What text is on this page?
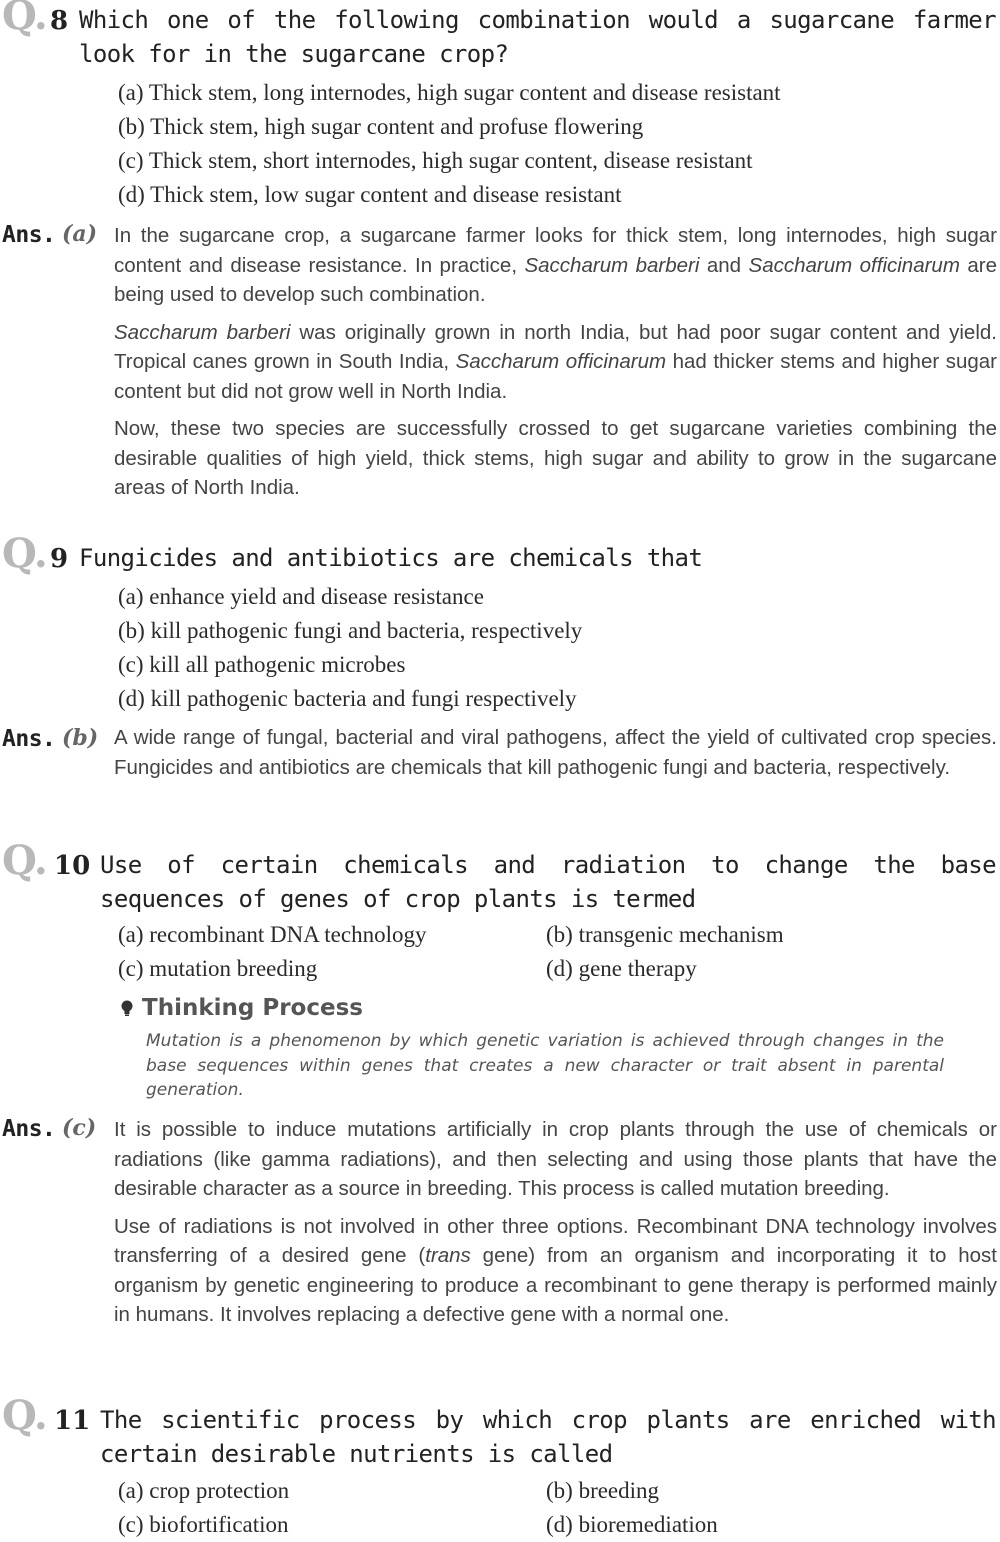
Q. 8 Which one of the following combination would a sugarcane farmer look for in the sugarcane crop?
(a) Thick stem, long internodes, high sugar content and disease resistant
(b) Thick stem, high sugar content and profuse flowering
(c) Thick stem, short internodes, high sugar content, disease resistant
(d) Thick stem, low sugar content and disease resistant
Ans. (a) In the sugarcane crop, a sugarcane farmer looks for thick stem, long internodes, high sugar content and disease resistance. In practice, Saccharum barberi and Saccharum officinarum are being used to develop such combination.

Saccharum barberi was originally grown in north India, but had poor sugar content and yield. Tropical canes grown in South India, Saccharum officinarum had thicker stems and higher sugar content but did not grow well in North India.

Now, these two species are successfully crossed to get sugarcane varieties combining the desirable qualities of high yield, thick stems, high sugar and ability to grow in the sugarcane areas of North India.

Q. 9 Fungicides and antibiotics are chemicals that
(a) enhance yield and disease resistance
(b) kill pathogenic fungi and bacteria, respectively
(c) kill all pathogenic microbes
(d) kill pathogenic bacteria and fungi respectively
Ans. (b) A wide range of fungal, bacterial and viral pathogens, affect the yield of cultivated crop species. Fungicides and antibiotics are chemicals that kill pathogenic fungi and bacteria, respectively.

Q. 10 Use of certain chemicals and radiation to change the base sequences of genes of crop plants is termed
(a) recombinant DNA technology	(b) transgenic mechanism
(c) mutation breeding	(d) gene therapy
Thinking Process
Mutation is a phenomenon by which genetic variation is achieved through changes in the base sequences within genes that creates a new character or trait absent in parental generation.
Ans. (c) It is possible to induce mutations artificially in crop plants through the use of chemicals or radiations (like gamma radiations), and then selecting and using those plants that have the desirable character as a source in breeding. This process is called mutation breeding.

Use of radiations is not involved in other three options. Recombinant DNA technology involves transferring of a desired gene (trans gene) from an organism and incorporating it to host organism by genetic engineering to produce a recombinant to gene therapy is performed mainly in humans. It involves replacing a defective gene with a normal one.

Q. 11 The scientific process by which crop plants are enriched with certain desirable nutrients is called
(a) crop protection	(b) breeding
(c) biofortification	(d) bioremediation
